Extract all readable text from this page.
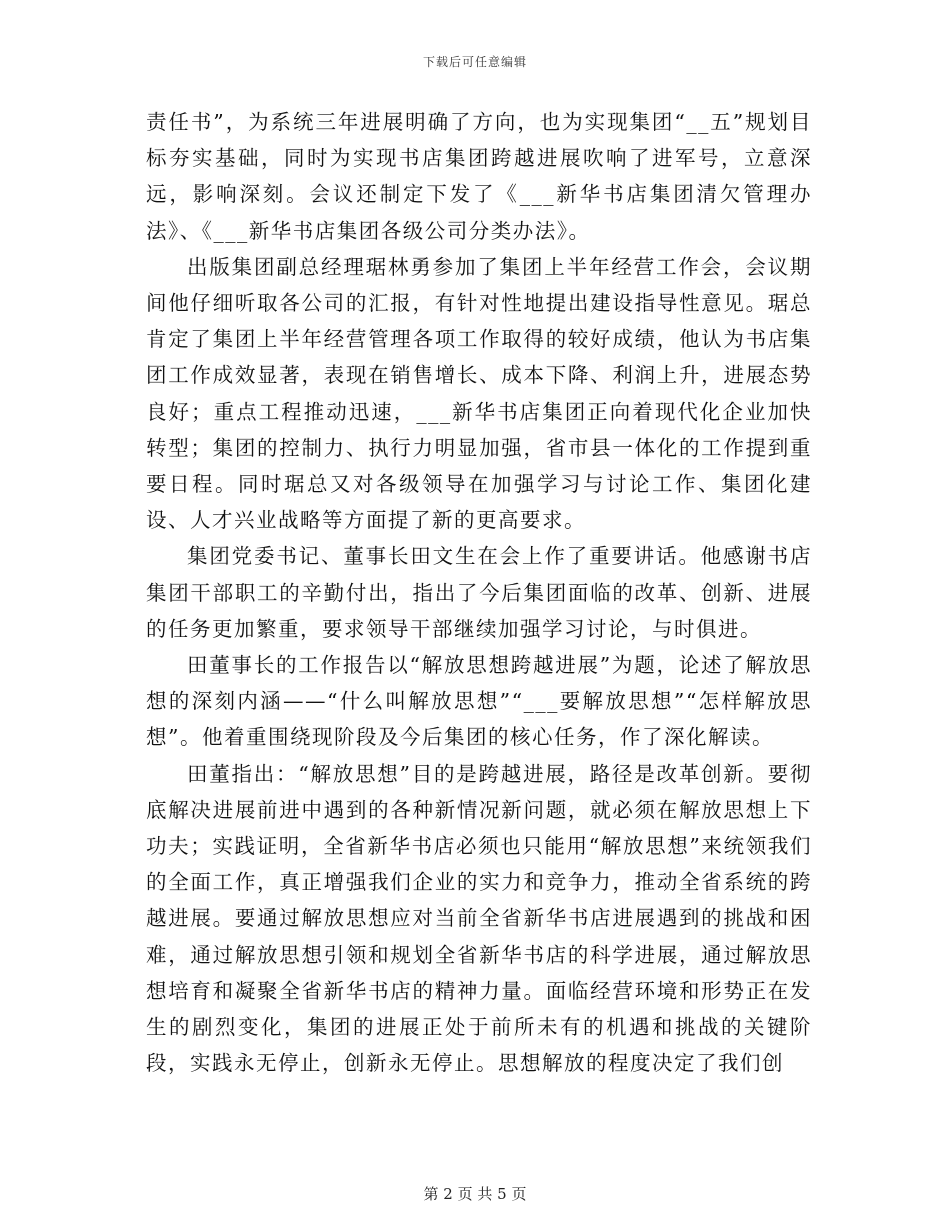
下载后可任意编辑

责任书”，为系统三年进展明确了方向，也为实现集团“__五”规划目标夯实基础，同时为实现书店集团跨越进展吹响了进军号，立意深远，影响深刻。会议还制定下发了《___新华书店集团清欠管理办法》、《___新华书店集团各级公司分类办法》。

出版集团副总经理琚林勇参加了集团上半年经营工作会，会议期间他仔细听取各公司的汇报，有针对性地提出建设指导性意见。琚总肯定了集团上半年经营管理各项工作取得的较好成绩，他认为书店集团工作成效显著，表现在销售增长、成本下降、利润上升，进展态势良好；重点工程推动迅速，___新华书店集团正向着现代化企业加快转型；集团的控制力、执行力明显加强，省市县一体化的工作提到重要日程。同时琚总又对各级领导在加强学习与讨论工作、集团化建设、人才兴业战略等方面提了新的更高要求。

集团党委书记、董事长田文生在会上作了重要讲话。他感谢书店集团干部职工的辛勤付出，指出了今后集团面临的改革、创新、进展的任务更加繁重，要求领导干部继续加强学习讨论，与时俱进。

田董事长的工作报告以“解放思想跨越进展”为题，论述了解放思想的深刻内涵——“什么叫解放思想”“___要解放思想”“怎样解放思想”。他着重围绕现阶段及今后集团的核心任务，作了深化解读。

田董指出：“解放思想”目的是跨越进展，路径是改革创新。要彻底解决进展前进中遇到的各种新情况新问题，就必须在解放思想上下功夫；实践证明，全省新华书店必须也只能用“解放思想”来统领我们的全面工作，真正增强我们企业的实力和竞争力，推动全省系统的跨越进展。要通过解放思想应对当前全省新华书店进展遇到的挑战和困难，通过解放思想引领和规划全省新华书店的科学进展，通过解放思想培育和凝聚全省新华书店的精神力量。面临经营环境和形势正在发生的剧烈变化，集团的进展正处于前所未有的机遇和挑战的关键阶段，实践永无停止，创新永无停止。思想解放的程度决定了我们创

第 2 页 共 5 页
